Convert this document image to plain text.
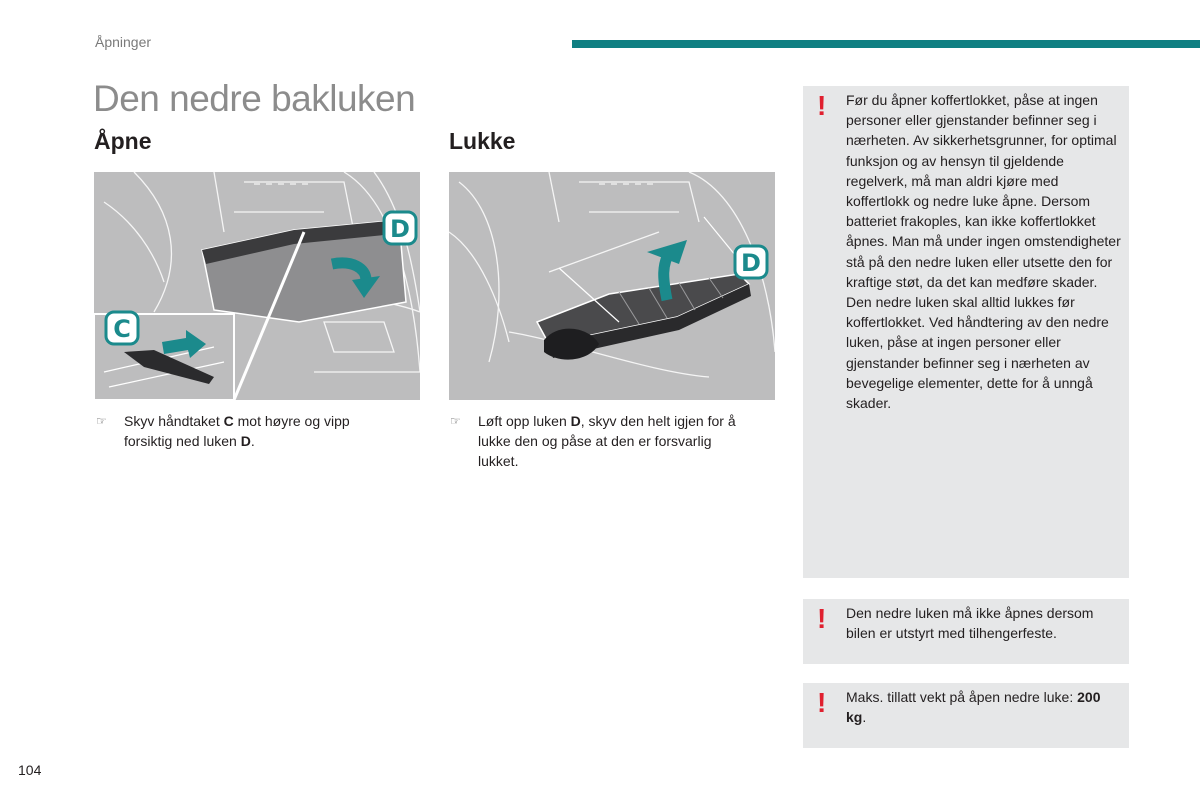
Åpninger
Den nedre bakluken
Åpne	Lukke
D
C
D
☞ Skyv håndtaket C mot høyre og vipp forsiktig ned luken D.
☞ Løft opp luken D, skyv den helt igjen for å lukke den og påse at den er forsvarlig lukket.
! Før du åpner koffertlokket, påse at ingen personer eller gjenstander befinner seg i nærheten. Av sikkerhetsgrunner, for optimal funksjon og av hensyn til gjeldende regelverk, må man aldri kjøre med koffertlokk og nedre luke åpne. Dersom batteriet frakoples, kan ikke koffertlokket åpnes. Man må under ingen omstendigheter stå på den nedre luken eller utsette den for kraftige støt, da det kan medføre skader. Den nedre luken skal alltid lukkes før koffertlokket. Ved håndtering av den nedre luken, påse at ingen personer eller gjenstander befinner seg i nærheten av bevegelige elementer, dette for å unngå skader.
! Den nedre luken må ikke åpnes dersom bilen er utstyrt med tilhengerfeste.
! Maks. tillatt vekt på åpen nedre luke: 200 kg.
104
